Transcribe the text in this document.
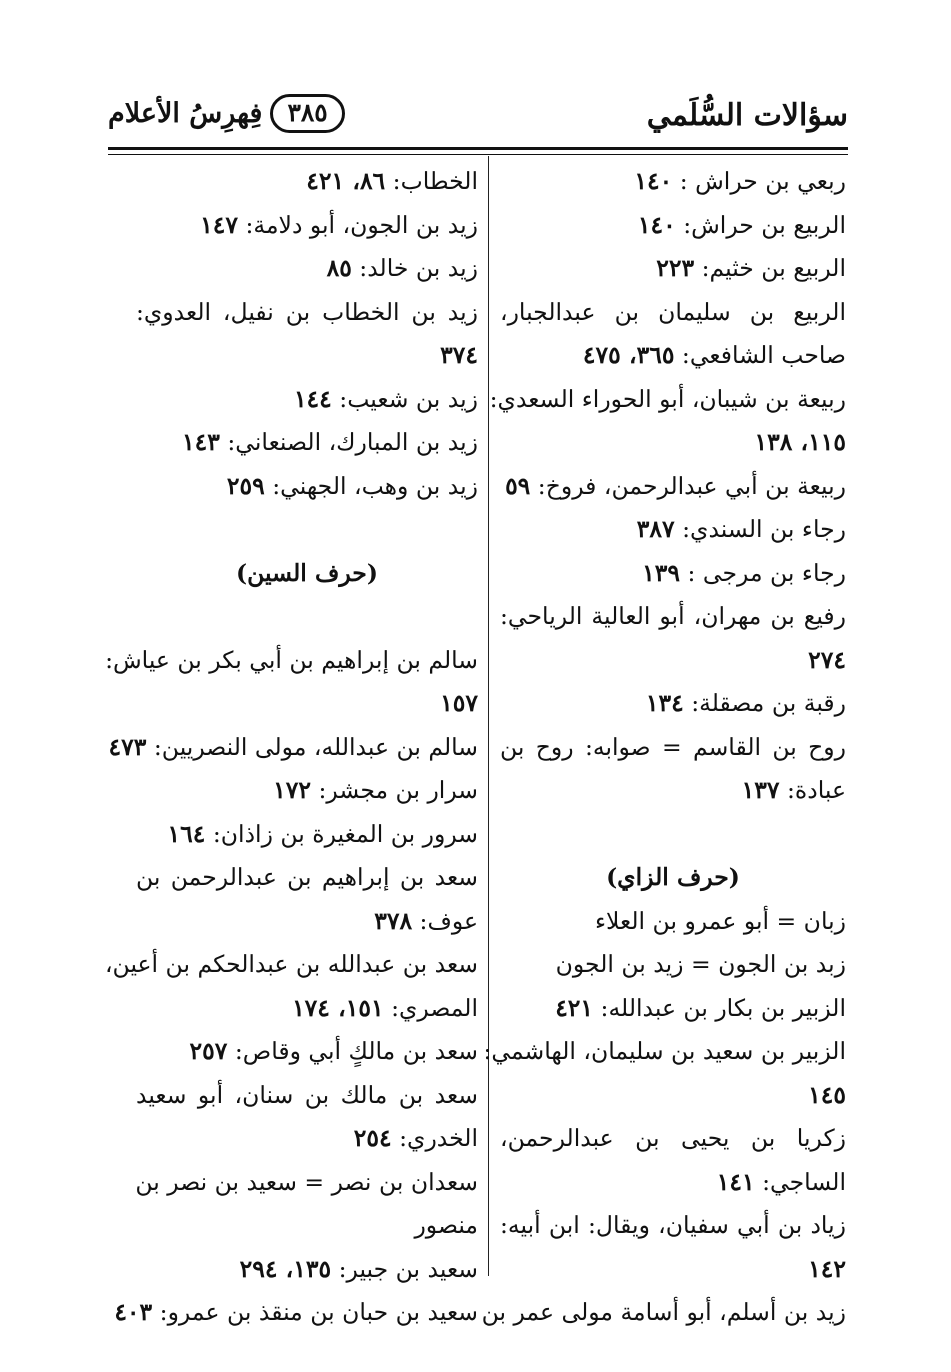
سؤالات السُّلَمي
فِهرِسُ الأعلام	٣٨٥
ربعي بن حراش : ١٤٠
الربيع بن حراش: ١٤٠
الربيع بن خثيم: ٢٢٣
الربيع بن سليمان بن عبدالجبار،
صاحب الشافعي: ٣٦٥، ٤٧٥
ربيعة بن شيبان، أبو الحوراء السعدي:
١١٥، ١٣٨
ربيعة بن أبي عبدالرحمن، فروخ: ٥٩
رجاء بن السندي: ٣٨٧
رجاء بن مرجى : ١٣٩
رفيع بن مهران، أبو العالية الرياحي:
٢٧٤
رقبة بن مصقلة: ١٣٤
روح بن القاسم = صوابه: روح بن
عبادة: ١٣٧
(حرف الزاي)
زبان = أبو عمرو بن العلاء
زبد بن الجون = زيد بن الجون
الزبير بن بكار بن عبدالله: ٤٢١
الزبير بن سعيد بن سليمان، الهاشمي:
١٤٥
زكريا بن يحيى بن عبدالرحمن،
الساجي: ١٤١
زياد بن أبي سفيان، ويقال: ابن أبيه:
١٤٢
زيد بن أسلم، أبو أسامة مولى عمر بن
الخطاب: ٨٦، ٤٢١
زيد بن الجون، أبو دلامة: ١٤٧
زيد بن خالد: ٨٥
زيد بن الخطاب بن نفيل، العدوي:
٣٧٤
زيد بن شعيب: ١٤٤
زيد بن المبارك، الصنعاني: ١٤٣
زيد بن وهب، الجهني: ٢٥٩
(حرف السين)
سالم بن إبراهيم بن أبي بكر بن عياش:
١٥٧
سالم بن عبدالله، مولى النصريين: ٤٧٣
سرار بن مجشر: ١٧٢
سرور بن المغيرة بن زاذان: ١٦٤
سعد بن إبراهيم بن عبدالرحمن بن
عوف: ٣٧٨
سعد بن عبدالله بن عبدالحكم بن أعين،
المصري: ١٥١، ١٧٤
سعد بن مالكٍ أبي وقاص: ٢٥٧
سعد بن مالك بن سنان، أبو سعيد
الخدري: ٢٥٤
سعدان بن نصر = سعيد بن نصر بن
منصور
سعيد بن جبير: ١٣٥، ٢٩٤
سعيد بن حبان بن منقذ بن عمرو: ٤٠٣
